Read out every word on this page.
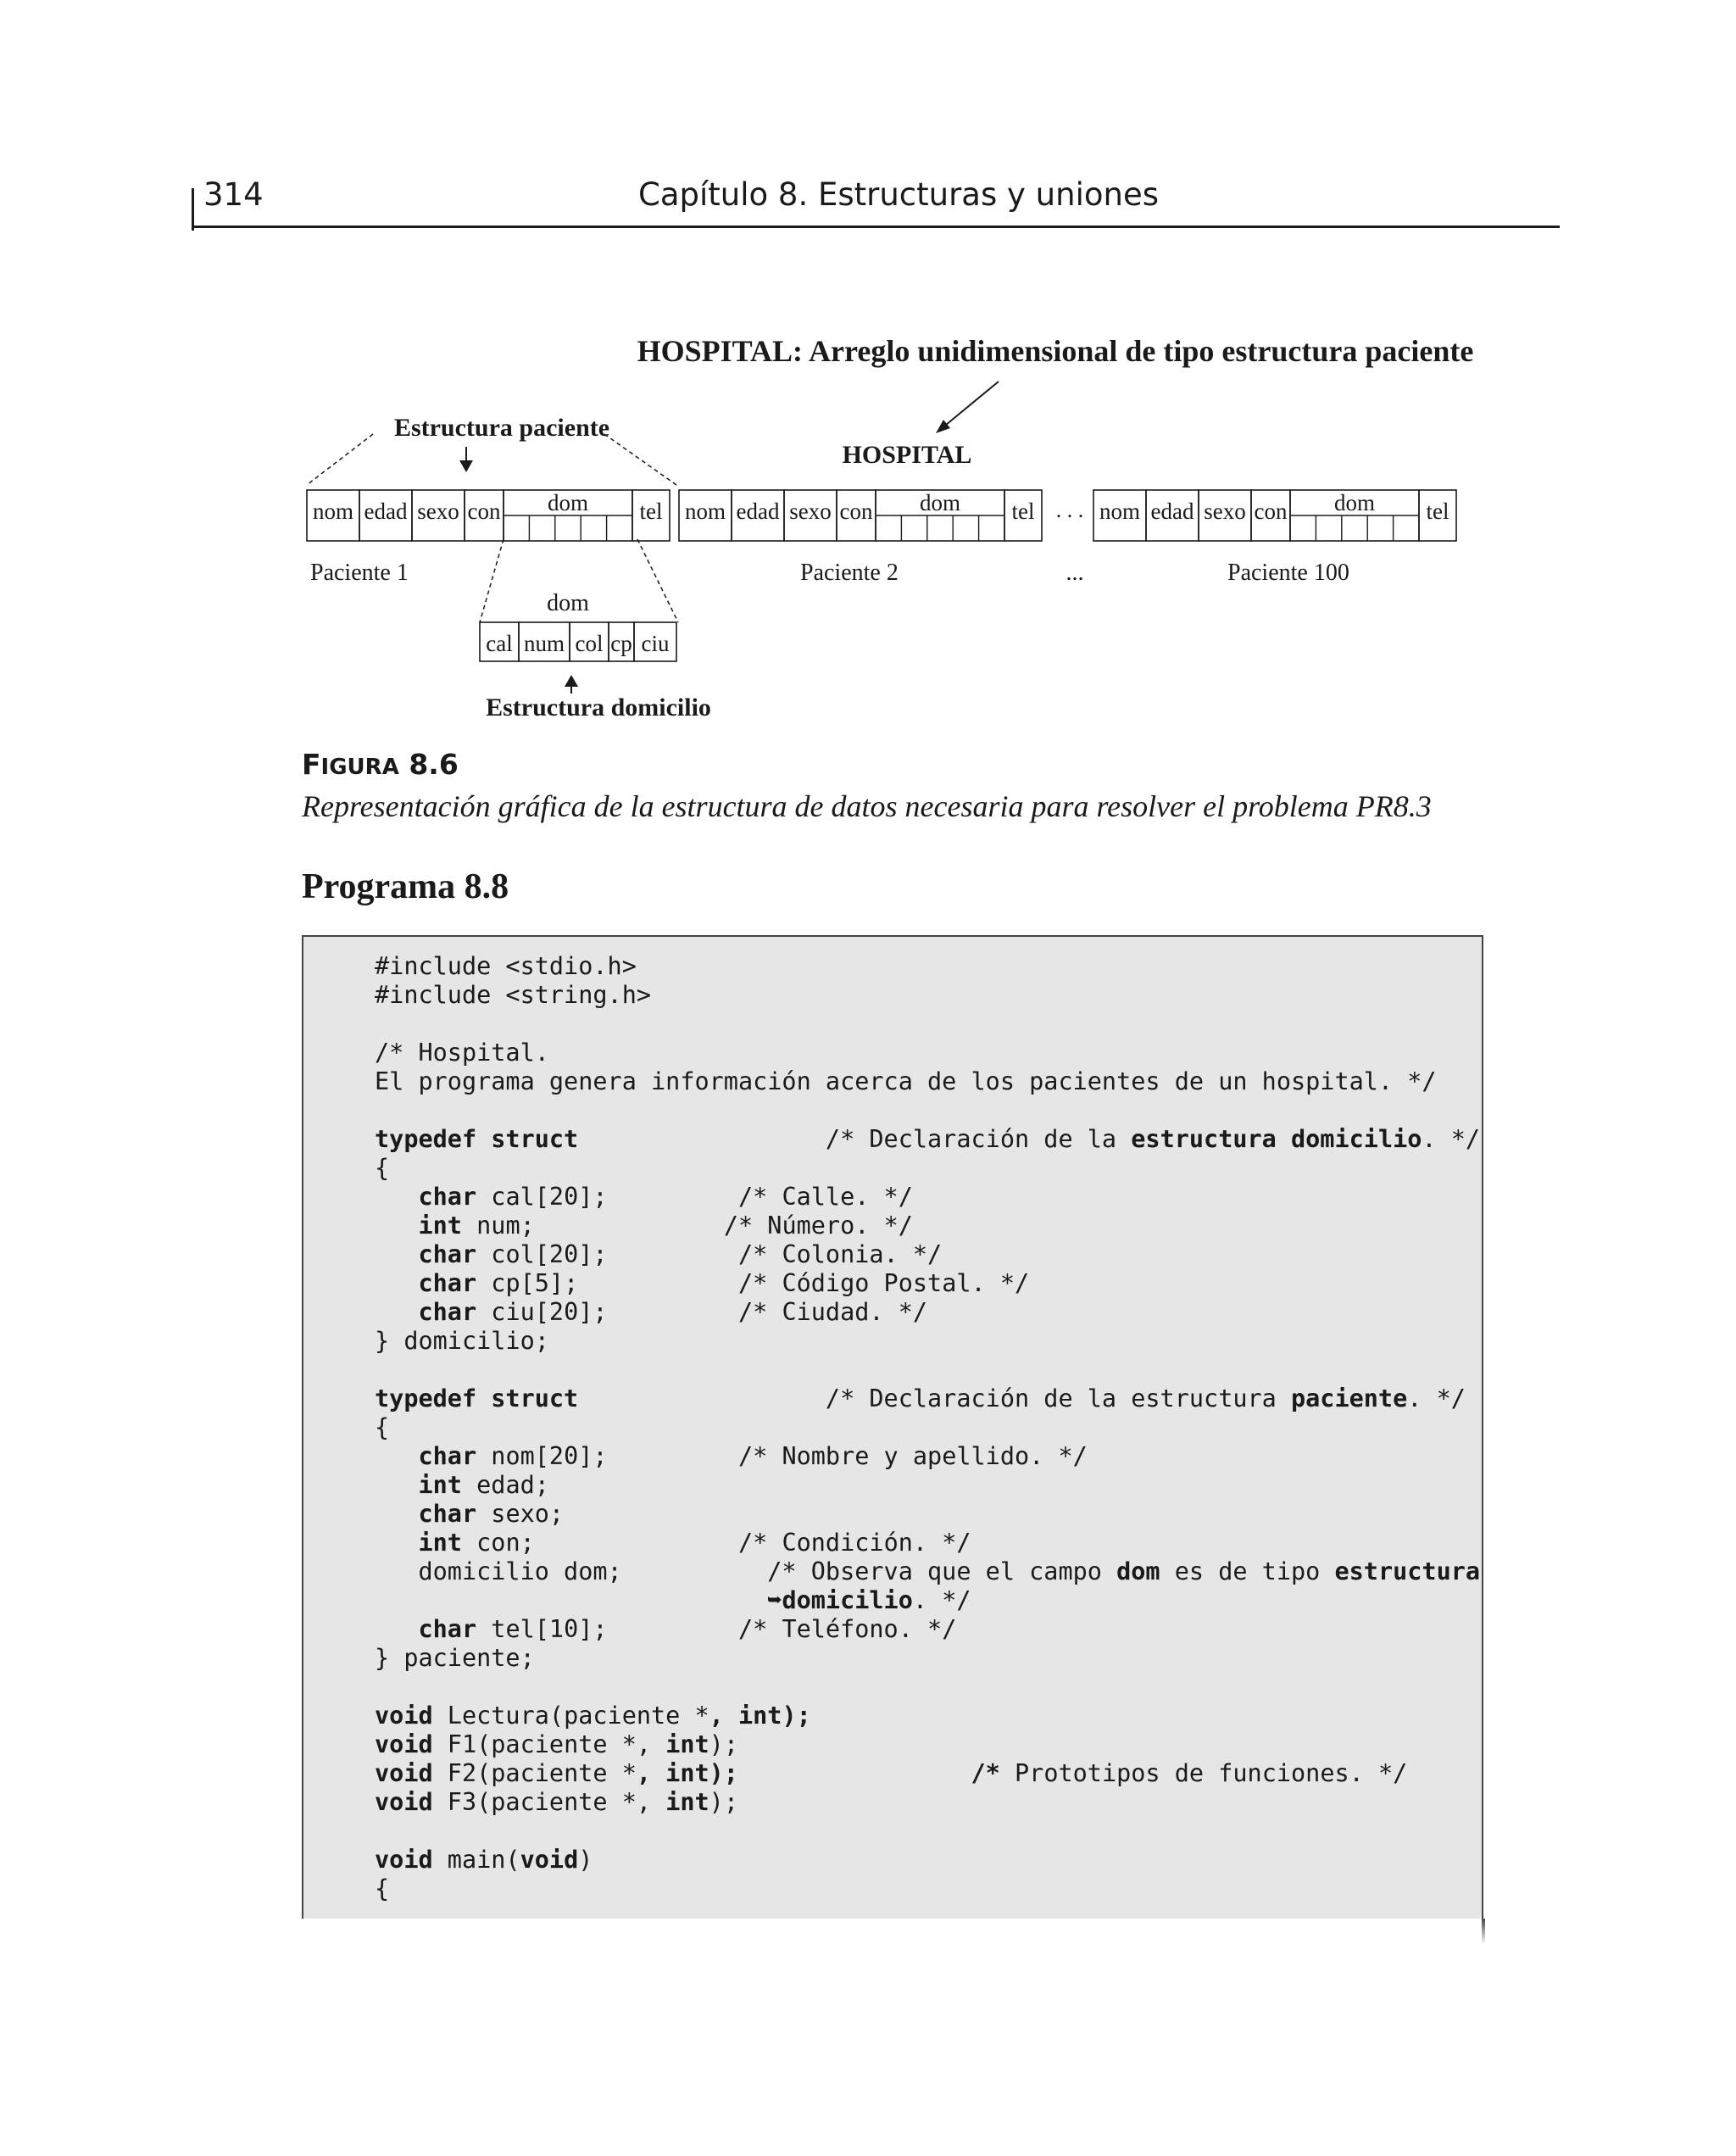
314	Capítulo 8. Estructuras y uniones
HOSPITAL: Arreglo unidimensional de tipo estructura paciente
HOSPITAL
Estructura paciente
nom edad sexo con dom tel nom edad sexo con dom tel	nom edad sexo con dom tel
. . .
Paciente 1	Paciente 2	...	Paciente 100
dom
cal num col cp ciu
Estructura domicilio
FIGURA 8.6
Representación gráfica de la estructura de datos necesaria para resolver el problema PR8.3
Programa 8.8
#include <stdio.h>
#include <string.h>
/* Hospital.
El programa genera información acerca de los pacientes de un hospital. */
typedef struct                 /* Declaración de la estructura domicilio. */
{
char cal[20];         /* Calle. */
int num;             /* Número. */
char col[20];         /* Colonia. */
char cp[5];           /* Código Postal. */
char ciu[20];         /* Ciudad. */
} domicilio;
typedef struct                 /* Declaración de la estructura paciente. */
{
char nom[20];         /* Nombre y apellido. */
int edad;
char sexo;
int con;              /* Condición. */
domicilio dom;          /* Observa que el campo dom es de tipo estructura
➥domicilio. */
char tel[10];         /* Teléfono. */
} paciente;
void Lectura(paciente *, int);
void F1(paciente *, int);
void F2(paciente *, int);	/* Prototipos de funciones. */
void F3(paciente *, int);
void main(void)
{
